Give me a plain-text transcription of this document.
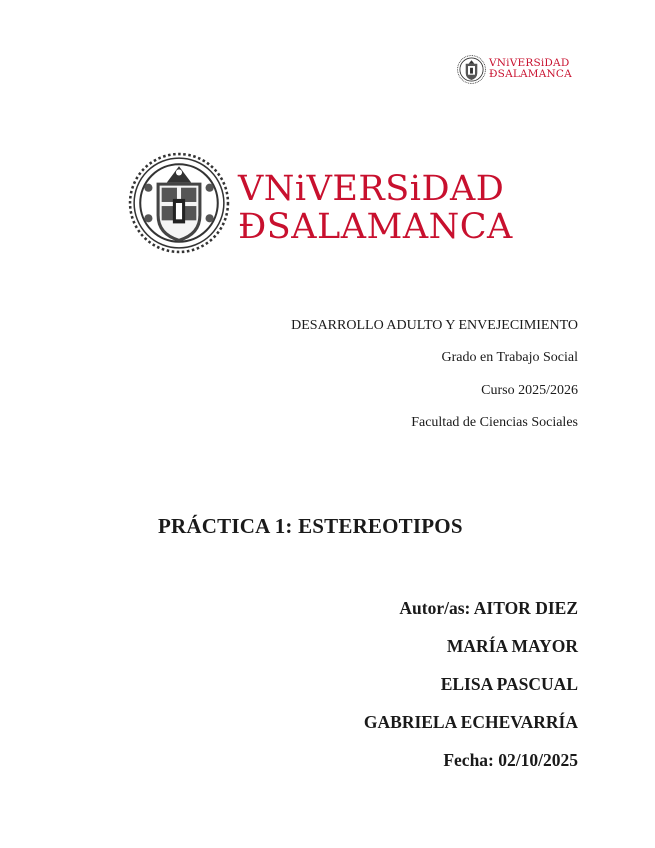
VNiVERSiDAD
ÐSALAMANCA
VNiVERSiDAD
ÐSALAMANCA
DESARROLLO ADULTO Y ENVEJECIMIENTO
Grado en Trabajo Social
Curso 2025/2026
Facultad de Ciencias Sociales
PRÁCTICA 1: ESTEREOTIPOS
Autor/as: AITOR DIEZ
MARÍA MAYOR
ELISA PASCUAL
GABRIELA ECHEVARRÍA
Fecha: 02/10/2025
